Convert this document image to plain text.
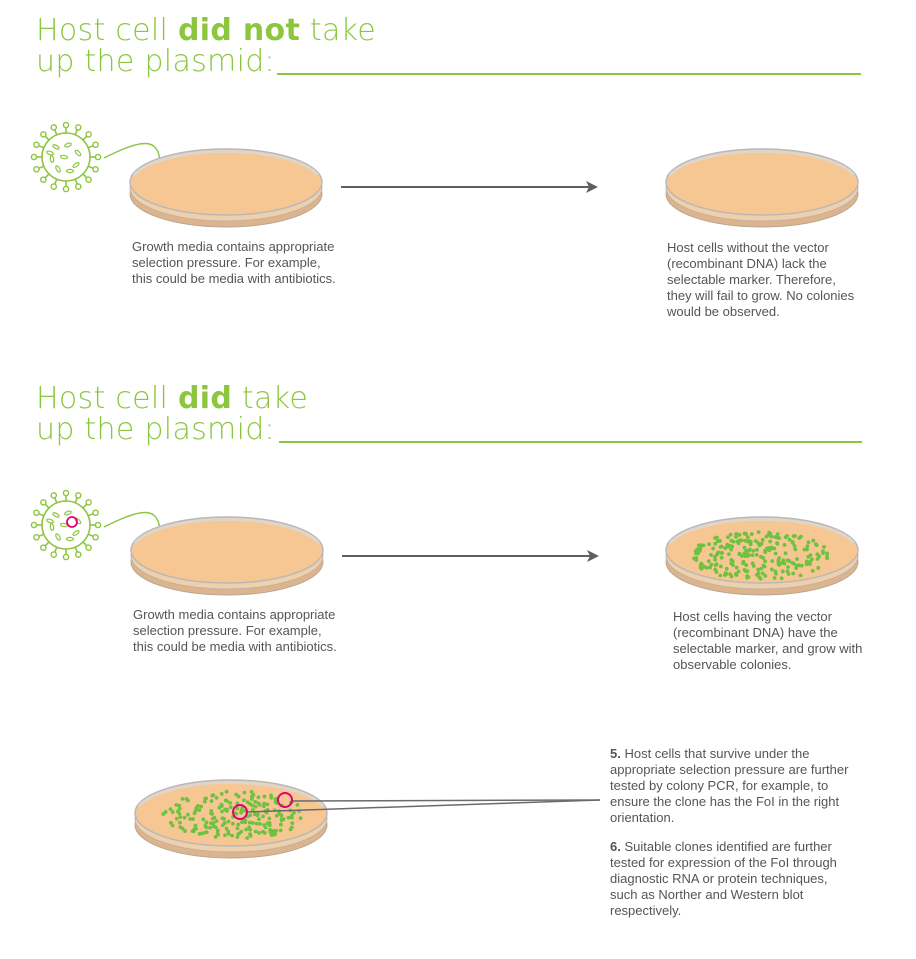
Host cell did not take
up the plasmid:
Host cell did take
up the plasmid:
Growth media contains appropriate
selection pressure. For example,
this could be media with antibiotics.
Host cells without the vector
(recombinant DNA) lack the
selectable marker. Therefore,
they will fail to grow. No colonies
would be observed.
Growth media contains appropriate
selection pressure. For example,
this could be media with antibiotics.
Host cells having the vector
(recombinant DNA) have the
selectable marker, and grow with
observable colonies.
5. Host cells that survive under the
appropriate selection pressure are further
tested by colony PCR, for example, to
ensure the clone has the FoI in the right
orientation.
6. Suitable clones identified are further
tested for expression of the FoI through
diagnostic RNA or protein techniques,
such as Norther and Western blot
respectively.
